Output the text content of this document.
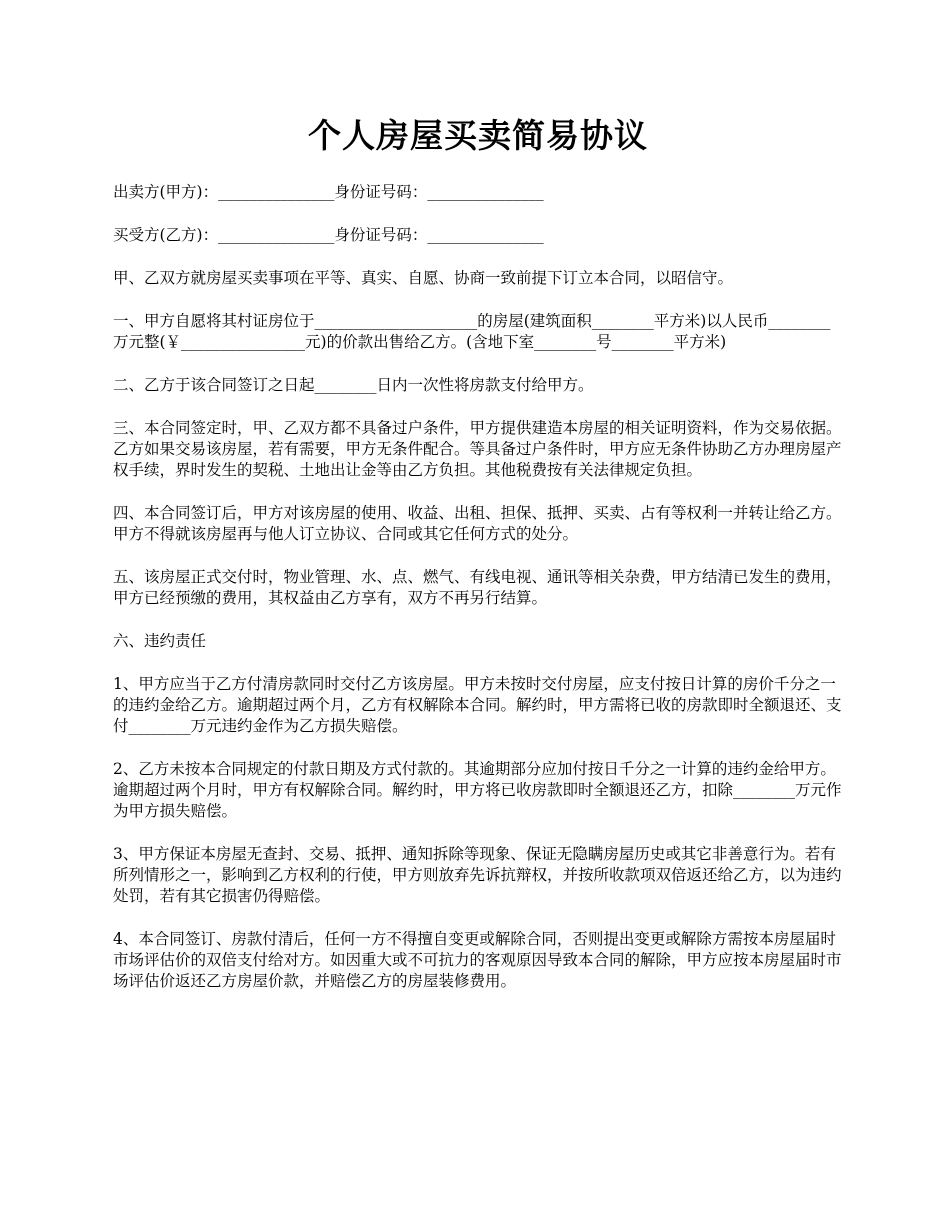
个人房屋买卖简易协议

出卖方(甲方)：_______________身份证号码：_______________

买受方(乙方)：_______________身份证号码：_______________

甲、乙双方就房屋买卖事项在平等、真实、自愿、协商一致前提下订立本合同，以昭信守。

一、甲方自愿将其村证房位于_____________________的房屋(建筑面积________平方米)以人民币________万元整(￥________________元)的价款出售给乙方。(含地下室________号________平方米)

二、乙方于该合同签订之日起________日内一次性将房款支付给甲方。

三、本合同签定时，甲、乙双方都不具备过户条件，甲方提供建造本房屋的相关证明资料，作为交易依据。乙方如果交易该房屋，若有需要，甲方无条件配合。等具备过户条件时，甲方应无条件协助乙方办理房屋产权手续，界时发生的契税、土地出让金等由乙方负担。其他税费按有关法律规定负担。

四、本合同签订后，甲方对该房屋的使用、收益、出租、担保、抵押、买卖、占有等权利一并转让给乙方。甲方不得就该房屋再与他人订立协议、合同或其它任何方式的处分。

五、该房屋正式交付时，物业管理、水、点、燃气、有线电视、通讯等相关杂费，甲方结清已发生的费用，甲方已经预缴的费用，其权益由乙方享有，双方不再另行结算。

六、违约责任

1、甲方应当于乙方付清房款同时交付乙方该房屋。甲方未按时交付房屋，应支付按日计算的房价千分之一的违约金给乙方。逾期超过两个月，乙方有权解除本合同。解约时，甲方需将已收的房款即时全额退还、支付________万元违约金作为乙方损失赔偿。

2、乙方未按本合同规定的付款日期及方式付款的。其逾期部分应加付按日千分之一计算的违约金给甲方。逾期超过两个月时，甲方有权解除合同。解约时，甲方将已收房款即时全额退还乙方，扣除________万元作为甲方损失赔偿。

3、甲方保证本房屋无查封、交易、抵押、通知拆除等现象、保证无隐瞒房屋历史或其它非善意行为。若有所列情形之一，影响到乙方权利的行使，甲方则放弃先诉抗辩权，并按所收款项双倍返还给乙方，以为违约处罚，若有其它损害仍得赔偿。

4、本合同签订、房款付清后，任何一方不得擅自变更或解除合同，否则提出变更或解除方需按本房屋届时市场评估价的双倍支付给对方。如因重大或不可抗力的客观原因导致本合同的解除，甲方应按本房屋届时市场评估价返还乙方房屋价款，并赔偿乙方的房屋装修费用。
